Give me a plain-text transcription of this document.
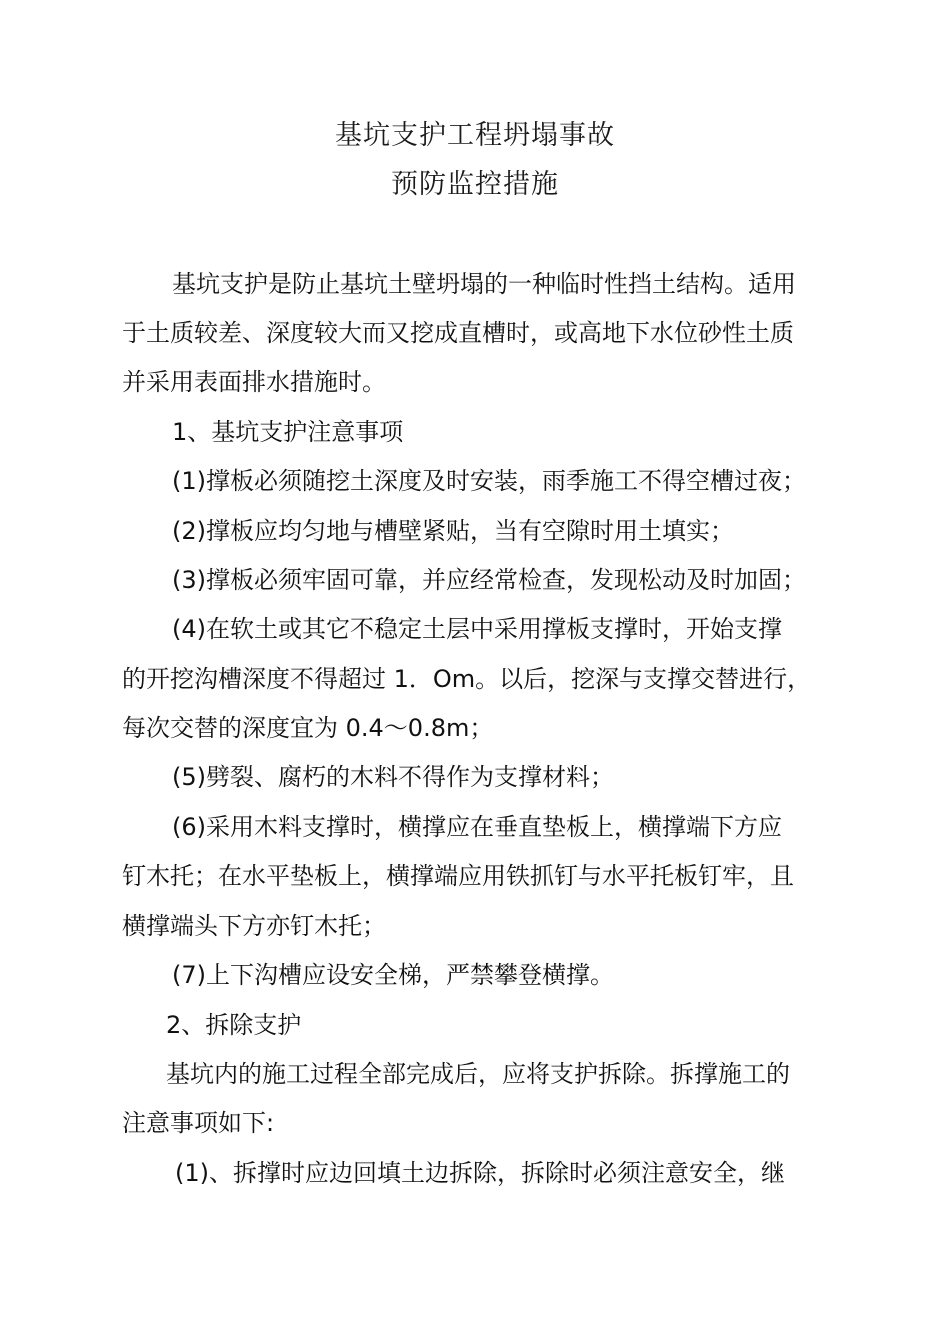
基坑支护工程坍塌事故
预防监控措施
基坑支护是防止基坑土壁坍塌的一种临时性挡土结构。适用
于土质较差、深度较大而又挖成直槽时，或高地下水位砂性土质
并采用表面排水措施时。
1、基坑支护注意事项
(1)撑板必须随挖土深度及时安装，雨季施工不得空槽过夜；
(2)撑板应均匀地与槽壁紧贴，当有空隙时用土填实；
(3)撑板必须牢固可靠，并应经常检查，发现松动及时加固；
(4)在软土或其它不稳定土层中采用撑板支撑时，开始支撑
的开挖沟槽深度不得超过 1．Om。以后，挖深与支撑交替进行，
每次交替的深度宜为 0.4～0.8m；
(5)劈裂、腐朽的木料不得作为支撑材料；
(6)采用木料支撑时，横撑应在垂直垫板上，横撑端下方应
钉木托；在水平垫板上，横撑端应用铁抓钉与水平托板钉牢，且
横撑端头下方亦钉木托；
(7)上下沟槽应设安全梯，严禁攀登横撑。
2、拆除支护
基坑内的施工过程全部完成后，应将支护拆除。拆撑施工的
注意事项如下:
(1)、拆撑时应边回填土边拆除，拆除时必须注意安全，继
